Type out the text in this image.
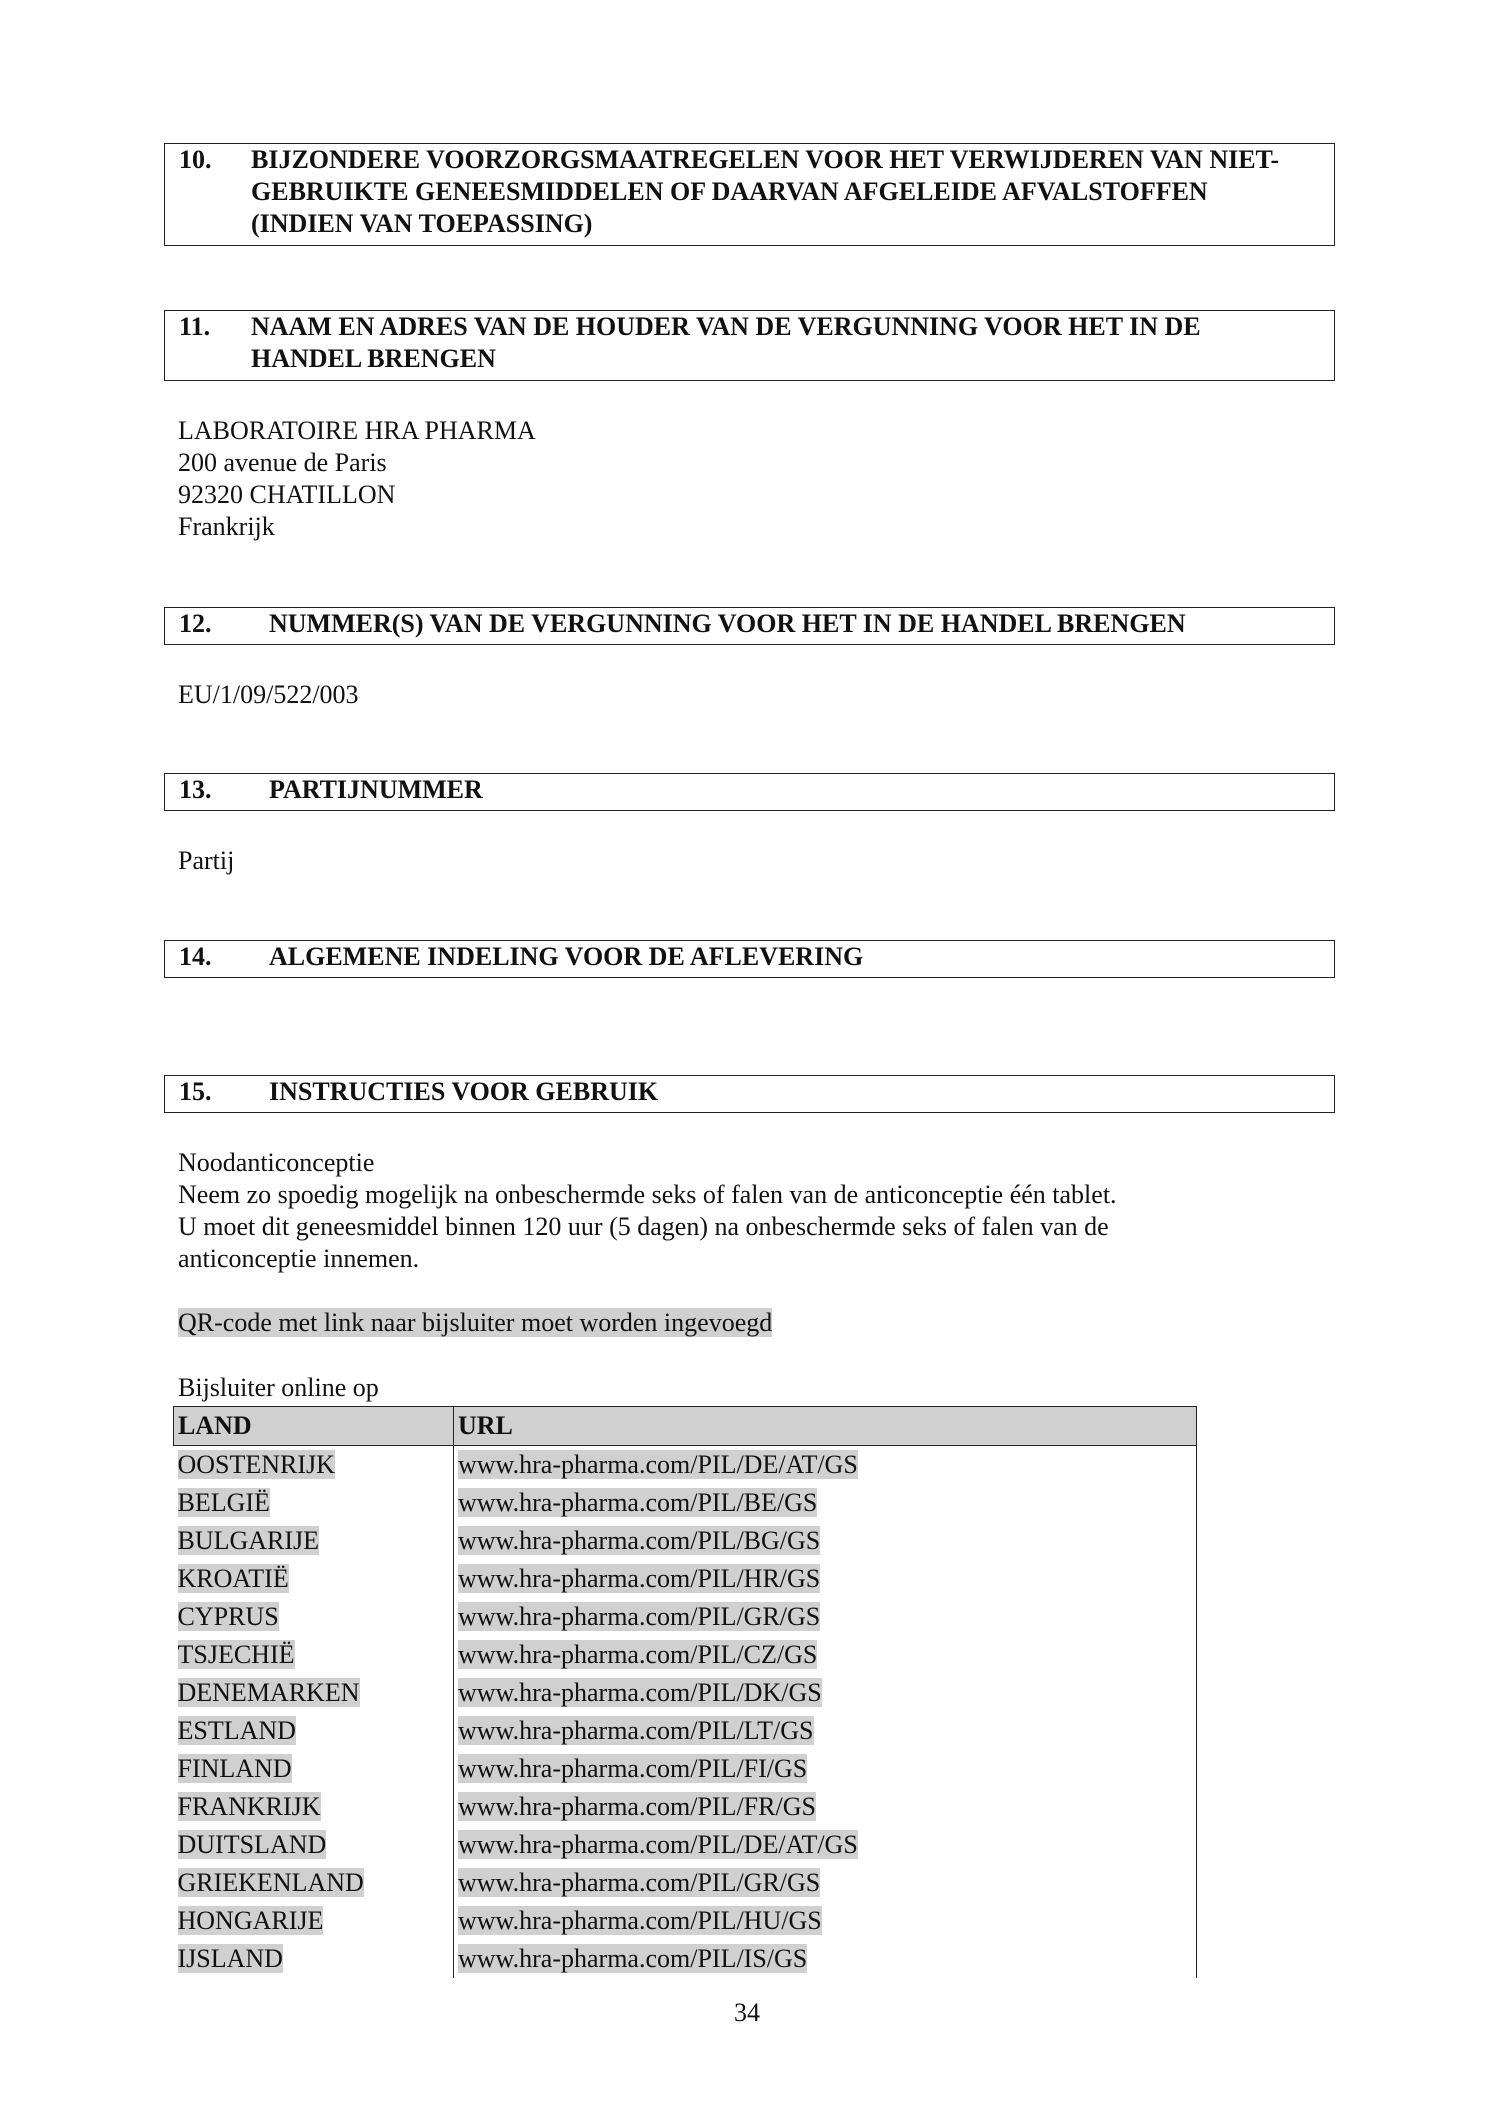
10. BIJZONDERE VOORZORGSMAATREGELEN VOOR HET VERWIJDEREN VAN NIET-GEBRUIKTE GENEESMIDDELEN OF DAARVAN AFGELEIDE AFVALSTOFFEN (INDIEN VAN TOEPASSING)
11. NAAM EN ADRES VAN DE HOUDER VAN DE VERGUNNING VOOR HET IN DE HANDEL BRENGEN
LABORATOIRE HRA PHARMA
200 avenue de Paris
92320 CHATILLON
Frankrijk
12. NUMMER(S) VAN DE VERGUNNING VOOR HET IN DE HANDEL BRENGEN
EU/1/09/522/003
13. PARTIJNUMMER
Partij
14. ALGEMENE INDELING VOOR DE AFLEVERING
15. INSTRUCTIES VOOR GEBRUIK
Noodanticonceptie
Neem zo spoedig mogelijk na onbeschermde seks of falen van de anticonceptie één tablet.
U moet dit geneesmiddel binnen 120 uur (5 dagen) na onbeschermde seks of falen van de
anticonceptie innemen.
QR-code met link naar bijsluiter moet worden ingevoegd
Bijsluiter online op
LAND	URL
OOSTENRIJK	www.hra-pharma.com/PIL/DE/AT/GS
BELGIË	www.hra-pharma.com/PIL/BE/GS
BULGARIJE	www.hra-pharma.com/PIL/BG/GS
KROATIË	www.hra-pharma.com/PIL/HR/GS
CYPRUS	www.hra-pharma.com/PIL/GR/GS
TSJECHIË	www.hra-pharma.com/PIL/CZ/GS
DENEMARKEN	www.hra-pharma.com/PIL/DK/GS
ESTLAND	www.hra-pharma.com/PIL/LT/GS
FINLAND	www.hra-pharma.com/PIL/FI/GS
FRANKRIJK	www.hra-pharma.com/PIL/FR/GS
DUITSLAND	www.hra-pharma.com/PIL/DE/AT/GS
GRIEKENLAND	www.hra-pharma.com/PIL/GR/GS
HONGARIJE	www.hra-pharma.com/PIL/HU/GS
IJSLAND	www.hra-pharma.com/PIL/IS/GS
34
